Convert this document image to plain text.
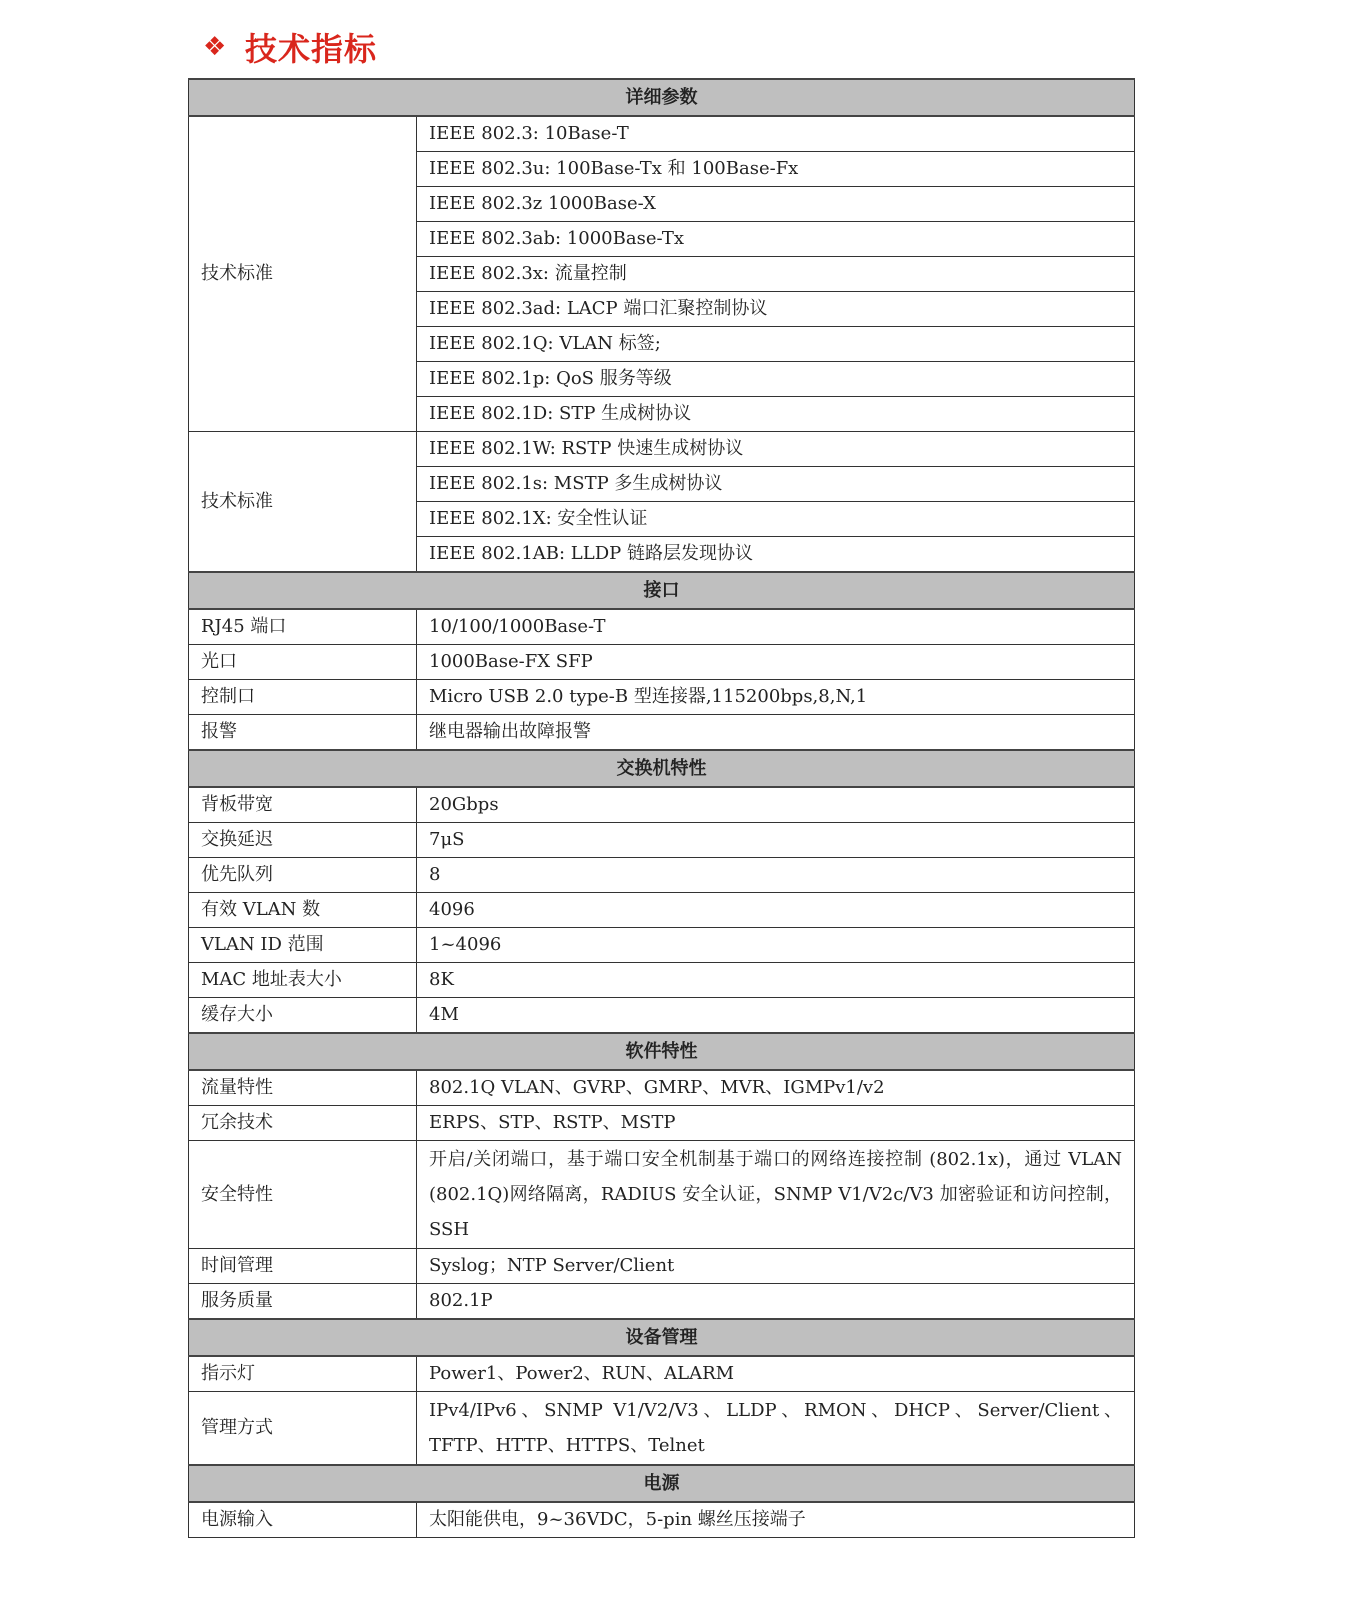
❖ 技术指标
详细参数	
技术标准	IEEE 802.3: 10Base-T
	IEEE 802.3u: 100Base-Tx 和 100Base-Fx
	IEEE 802.3z 1000Base-X
	IEEE 802.3ab: 1000Base-Tx
	IEEE 802.3x: 流量控制
	IEEE 802.3ad: LACP 端口汇聚控制协议
	IEEE 802.1Q: VLAN 标签;
	IEEE 802.1p: QoS 服务等级
	IEEE 802.1D: STP 生成树协议
技术标准	IEEE 802.1W: RSTP 快速生成树协议
	IEEE 802.1s: MSTP 多生成树协议
	IEEE 802.1X: 安全性认证
	IEEE 802.1AB: LLDP 链路层发现协议
接口	
RJ45 端口	10/100/1000Base-T
光口	1000Base-FX SFP
控制口	Micro USB 2.0 type-B 型连接器,115200bps,8,N,1
报警	继电器输出故障报警
交换机特性	
背板带宽	20Gbps
交换延迟	7μS
优先队列	8
有效 VLAN 数	4096
VLAN ID 范围	1~4096
MAC 地址表大小	8K
缓存大小	4M
软件特性	
流量特性	802.1Q VLAN、GVRP、GMRP、MVR、IGMPv1/v2
冗余技术	ERPS、STP、RSTP、MSTP
安全特性	开启/关闭端口，基于端口安全机制基于端口的网络连接控制 (802.1x)，通过 VLAN (802.1Q)网络隔离，RADIUS 安全认证，SNMP V1/V2c/V3 加密验证和访问控制，SSH
时间管理	Syslog；NTP Server/Client
服务质量	802.1P
设备管理	
指示灯	Power1、Power2、RUN、ALARM
管理方式	IPv4/IPv6、SNMP V1/V2/V3、LLDP、RMON、DHCP、Server/Client、TFTP、HTTP、HTTPS、Telnet
电源	
电源输入	太阳能供电，9~36VDC，5-pin 螺丝压接端子
